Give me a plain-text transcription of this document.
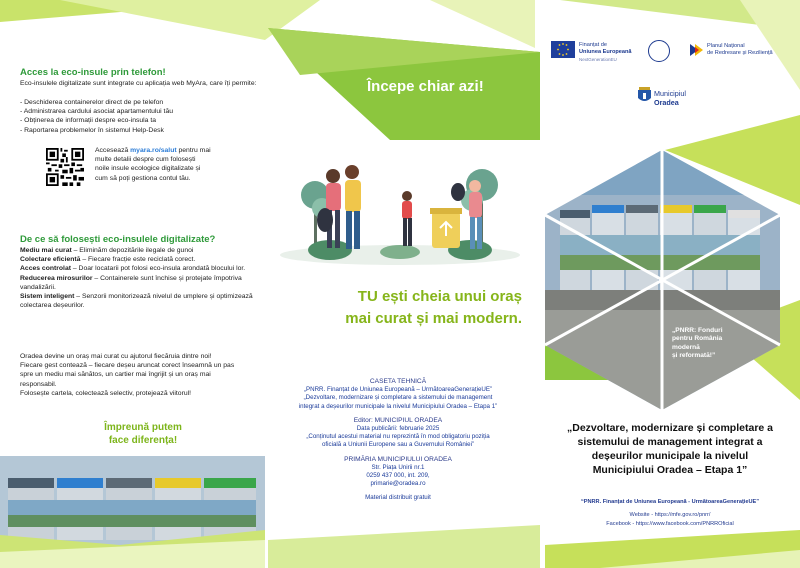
Acces la eco-insule prin telefon!
Eco-insulele digitalizate sunt integrate cu aplicația web MyAra, care îți permite:
- Deschiderea containerelor direct de pe telefon
- Administrarea cardului asociat apartamentului tău
- Obținerea de informații despre eco-insula ta
- Raportarea problemelor în sistemul Help-Desk
Accesează myara.ro/salut pentru mai
multe detalii despre cum folosești
noile insule ecologice digitalizate și
cum să poți gestiona contul tău.
De ce să folosești eco-insulele digitalizate?
Mediu mai curat – Eliminăm depozitările ilegale de gunoi
Colectare eficientă – Fiecare fracție este reciclată corect.
Acces controlat – Doar locatarii pot folosi eco-insula arondată blocului lor.
Reducerea mirosurilor – Containerele sunt închise și protejate împotriva vandalizării.
Sistem inteligent – Senzorii monitorizează nivelul de umplere și optimizează colectarea deșeurilor.
Oradea devine un oraș mai curat cu ajutorul fiecăruia dintre noi!
Fiecare gest contează – fiecare deșeu aruncat corect înseamnă un pas
spre un mediu mai sănătos, un cartier mai îngrijit și un oraș mai
responsabil.
Folosește cartela, colectează selectiv, protejează viitorul!
Împreună putem
face diferența!
Începe chiar azi!
TU ești cheia unui oraș
mai curat și mai modern.
CASETA TEHNICĂ
„PNRR. Finanțat de Uniunea Europeană – UrmătoareaGenerațieUE”
„Dezvoltare, modernizare și completare a sistemului de management
integrat a deșeurilor municipale la nivelul Municipiului Oradea – Etapa 1”
Editor: MUNICIPIUL ORADEA
Data publicării: februarie 2025
„Conținutul acestui material nu reprezintă în mod obligatoriu poziția
oficială a Uniunii Europene sau a Guvernului României”
PRIMĂRIA MUNICIPIULUI ORADEA
Str. Piața Unirii nr.1
0259 437 000, int. 209,
primarie@oradea.ro
Material distribuit gratuit
Finanțat de
Uniunea Europeană
NextGenerationEU
Planul Național
de Redresare și Reziliență
Municipiul
Oradea
„PNRR: Fonduri
pentru România
modernă
și reformată!”
„Dezvoltare, modernizare și completare a
sistemului de management integrat a
deșeurilor municipale la nivelul
Municipiului Oradea – Etapa 1”
“PNRR. Finanțat de Uniunea Europeană - UrmătoareaGenerațieUE”
Website - https://mfe.gov.ro/pnrr/
Facebook - https://www.facebook.com/PNRROficial
